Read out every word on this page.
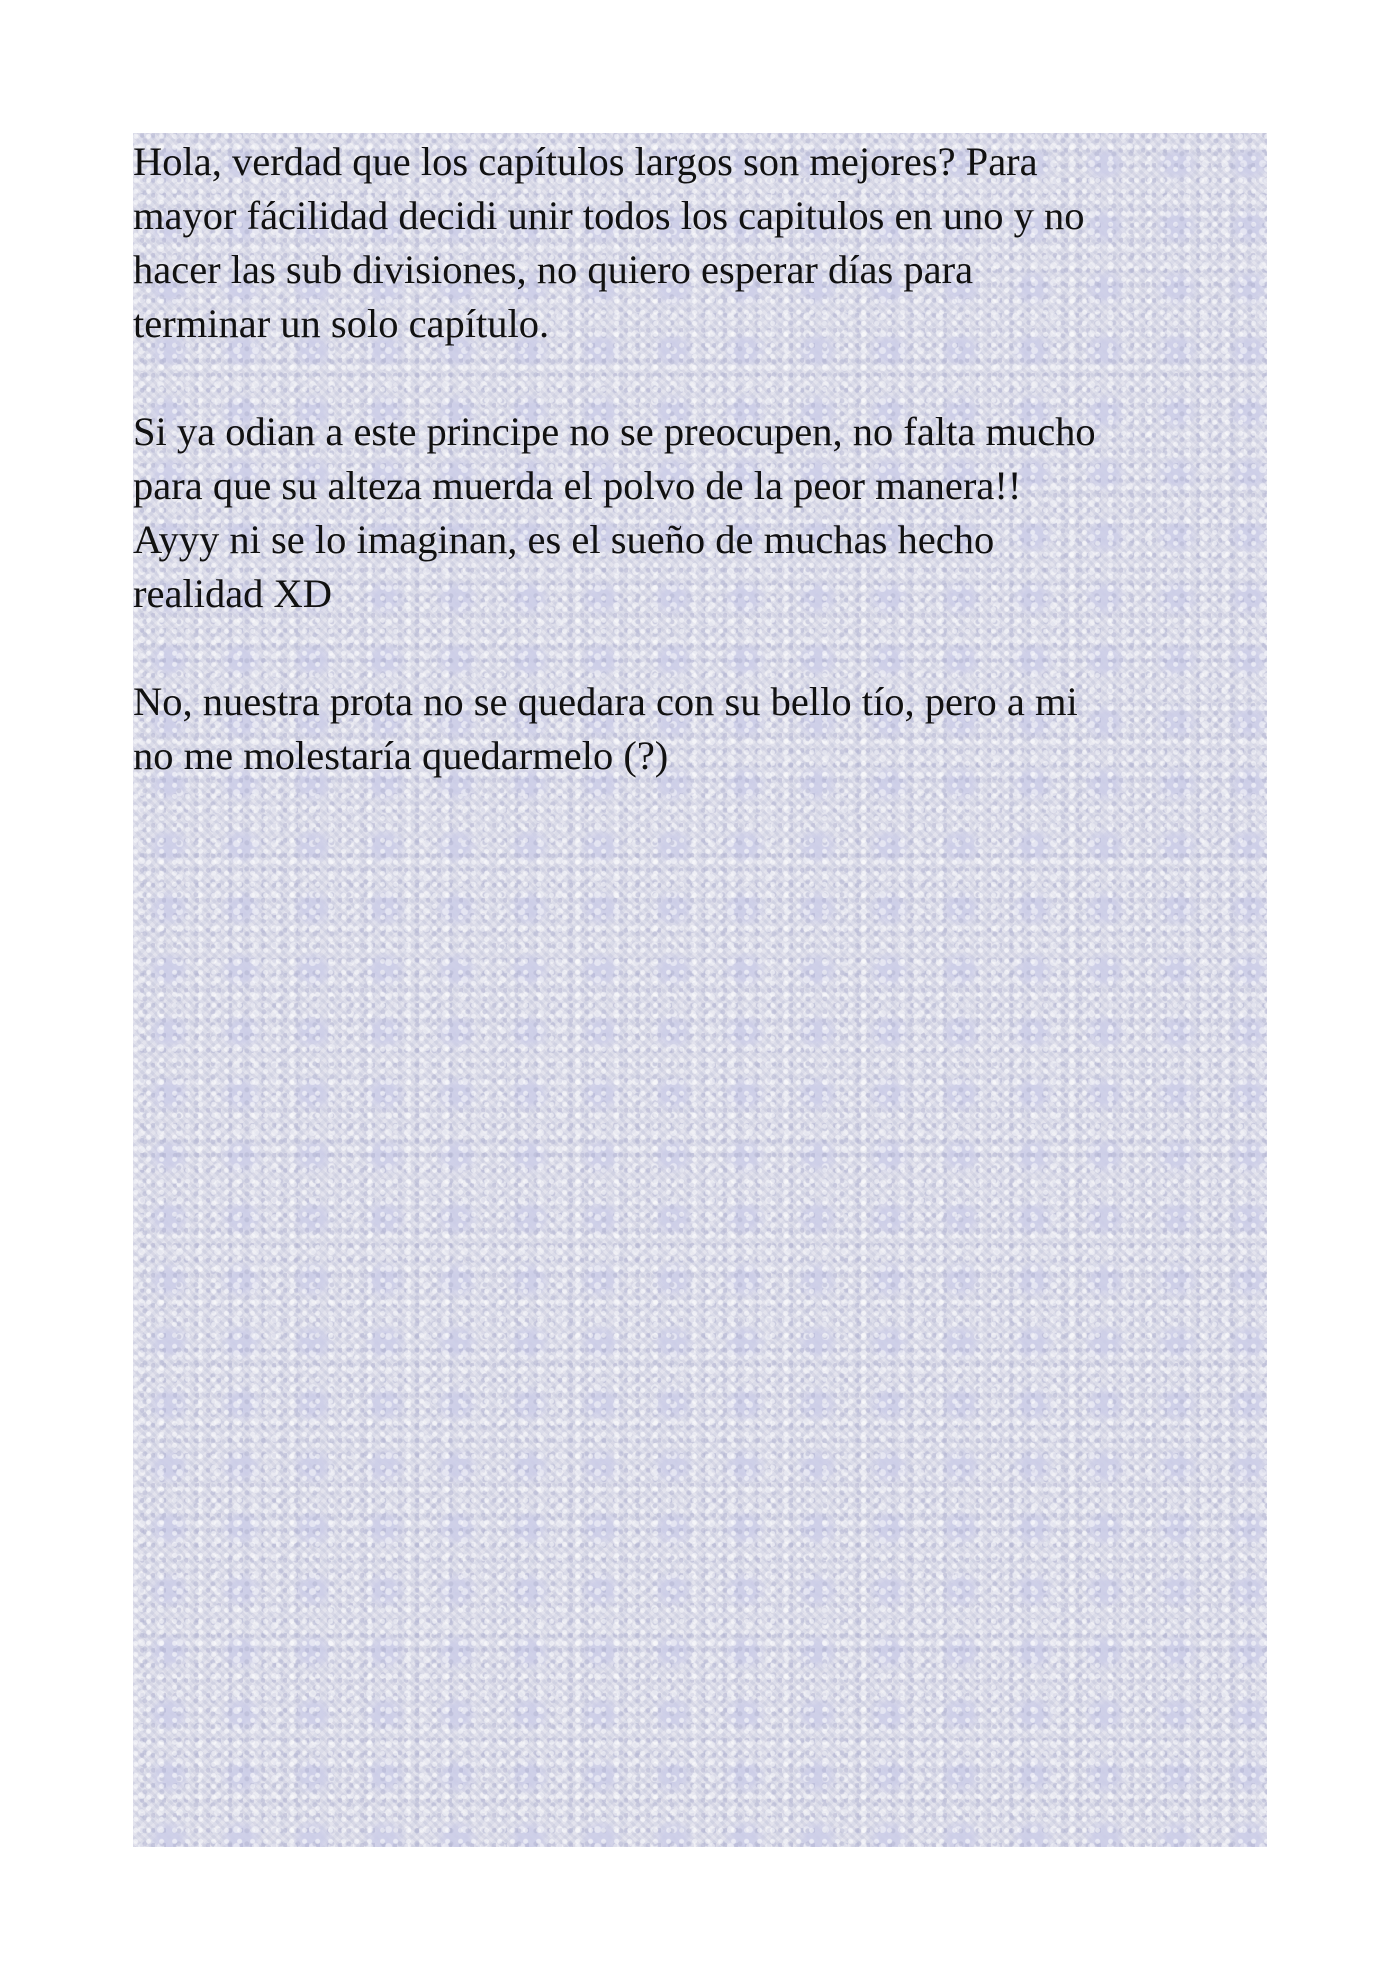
Hola, verdad que los capítulos largos son mejores? Para
mayor fácilidad decidi unir todos los capitulos en uno y no
hacer las sub divisiones, no quiero esperar días para
terminar un solo capítulo.

Si ya odian a este principe no se preocupen, no falta mucho
para que su alteza muerda el polvo de la peor manera!!
Ayyy ni se lo imaginan, es el sueño de muchas hecho
realidad XD

No, nuestra prota no se quedara con su bello tío, pero a mi
no me molestaría quedarmelo (?)
